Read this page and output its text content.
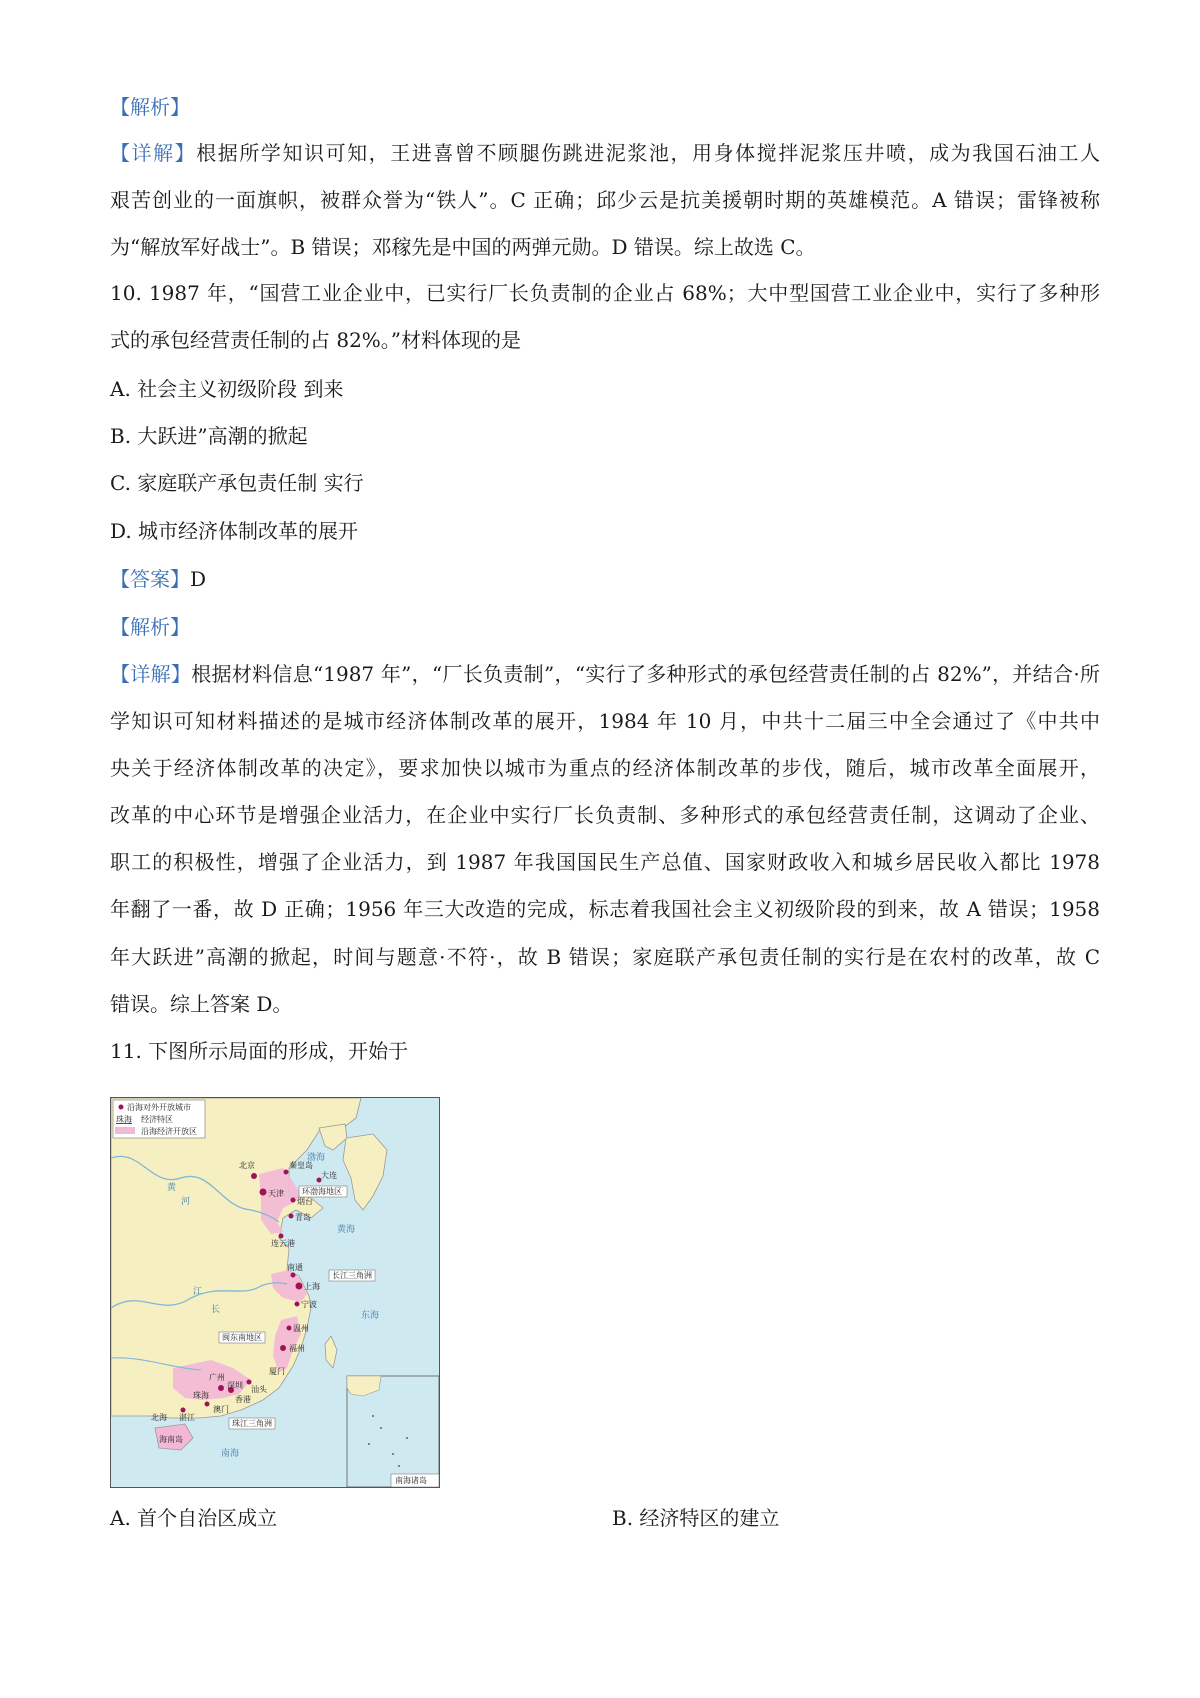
【解析】
【详解】根据所学知识可知，王进喜曾不顾腿伤跳进泥浆池，用身体搅拌泥浆压井喷，成为我国石油工人
艰苦创业的一面旗帜，被群众誉为“铁人”。C 正确；邱少云是抗美援朝时期的英雄模范。A 错误；雷锋被称
为“解放军好战士”。B 错误；邓稼先是中国的两弹元勋。D 错误。综上故选 C。
10. 1987 年，“国营工业企业中，已实行厂长负责制的企业占 68%；大中型国营工业企业中，实行了多种形
式的承包经营责任制的占 82%。”材料体现的是
A. 社会主义初级阶段 到来
B. 大跃进”高潮的掀起
C. 家庭联产承包责任制 实行
D. 城市经济体制改革的展开
【答案】D
【解析】
【详解】根据材料信息“1987 年”，“厂长负责制”，“实行了多种形式的承包经营责任制的占 82%”，并结合·所
学知识可知材料描述的是城市经济体制改革的展开，1984 年 10 月，中共十二届三中全会通过了《中共中
央关于经济体制改革的决定》，要求加快以城市为重点的经济体制改革的步伐，随后，城市改革全面展开，
改革的中心环节是增强企业活力，在企业中实行厂长负责制、多种形式的承包经营责任制，这调动了企业、
职工的积极性，增强了企业活力，到 1987 年我国国民生产总值、国家财政收入和城乡居民收入都比 1978
年翻了一番，故 D 正确；1956 年三大改造的完成，标志着我国社会主义初级阶段的到来，故 A 错误；1958
年大跃进”高潮的掀起，时间与题意·不符·，故 B 错误；家庭联产承包责任制的实行是在农村的改革，故 C
错误。综上答案 D。
11. 下图所示局面的形成，开始于
沿海对外开放城市
珠海 经济特区
沿海经济开放区
北京	秦皇岛
天津
大连
烟台
青岛
连云港
南通
上海
宁波
温州
福州
厦门
广州
深圳 汕头
珠海	香港
澳门
湛江
北海
海南岛
环渤海地区
长江三角洲
闽东南地区
珠江三角洲
渤海
黄海
东海
南海
黄
河
江
长
南海诸岛
A. 首个自治区成立	B. 经济特区的建立
